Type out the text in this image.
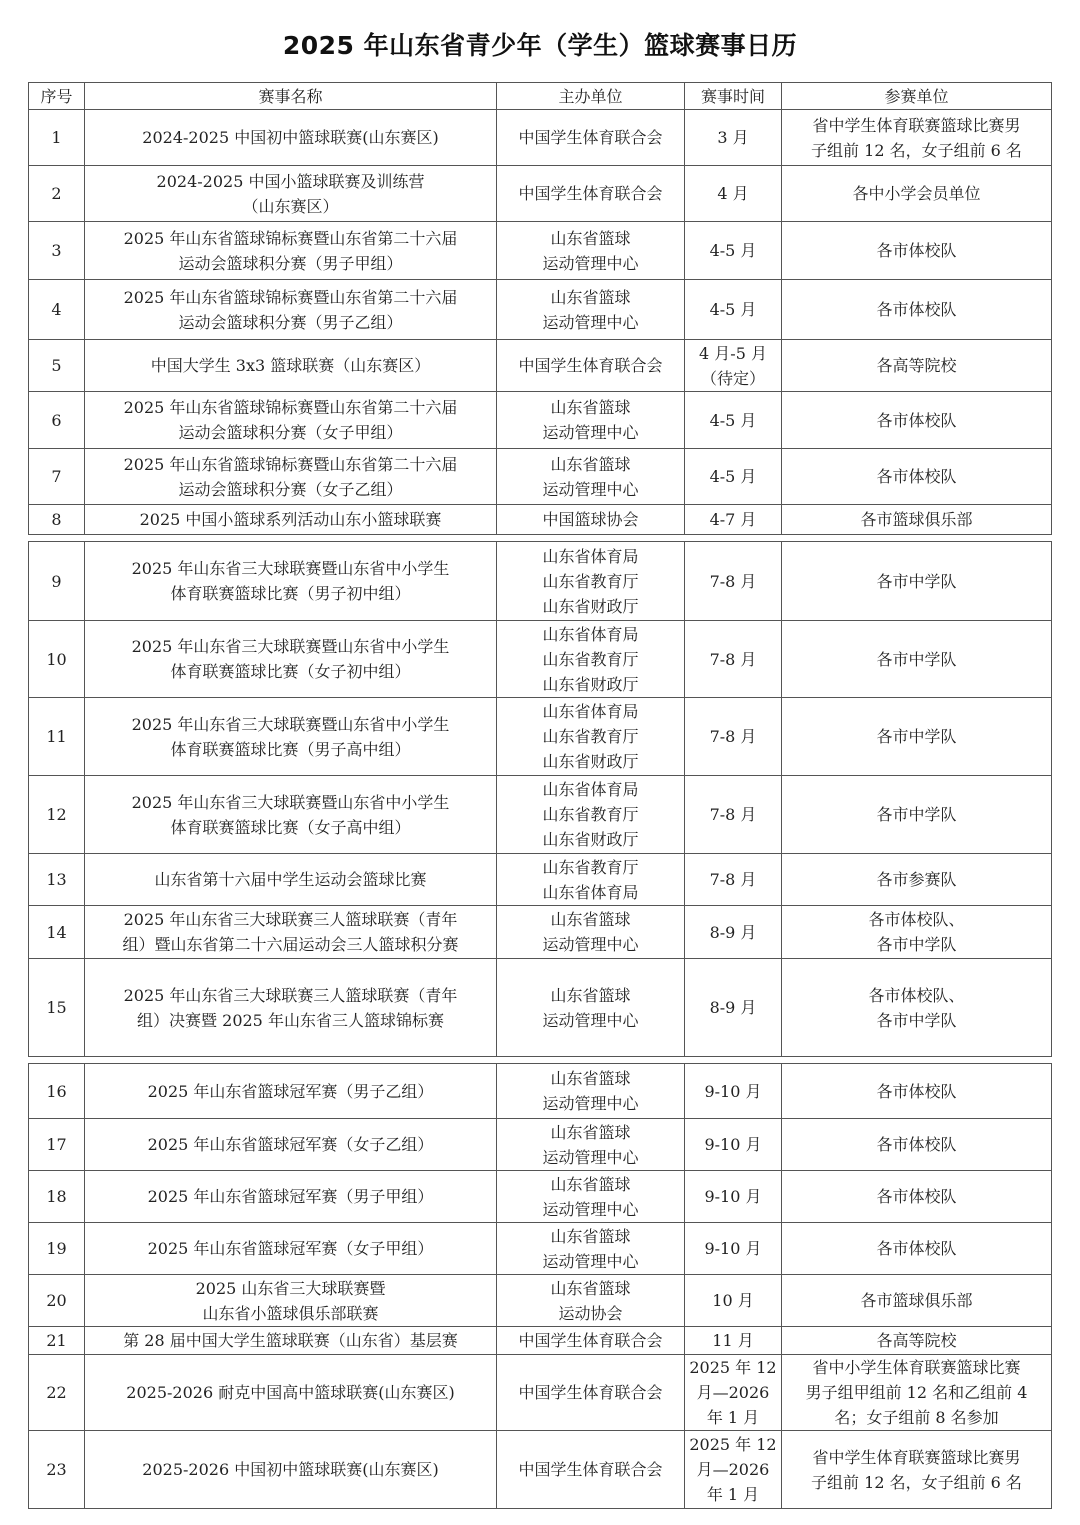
2025 年山东省青少年（学生）篮球赛事日历
序号	赛事名称	主办单位	赛事时间	参赛单位
1	2024-2025 中国初中篮球联赛(山东赛区)	中国学生体育联合会	3 月	省中学生体育联赛篮球比赛男
子组前 12 名，女子组前 6 名
2	2024-2025 中国小篮球联赛及训练营
（山东赛区）	中国学生体育联合会	4 月	各中小学会员单位
3	2025 年山东省篮球锦标赛暨山东省第二十六届
运动会篮球积分赛（男子甲组）	山东省篮球
运动管理中心	4-5 月	各市体校队
4	2025 年山东省篮球锦标赛暨山东省第二十六届
运动会篮球积分赛（男子乙组）	山东省篮球
运动管理中心	4-5 月	各市体校队
5	中国大学生 3x3 篮球联赛（山东赛区）	中国学生体育联合会	4 月-5 月
（待定）	各高等院校
6	2025 年山东省篮球锦标赛暨山东省第二十六届
运动会篮球积分赛（女子甲组）	山东省篮球
运动管理中心	4-5 月	各市体校队
7	2025 年山东省篮球锦标赛暨山东省第二十六届
运动会篮球积分赛（女子乙组）	山东省篮球
运动管理中心	4-5 月	各市体校队
8	2025 中国小篮球系列活动山东小篮球联赛	中国篮球协会	4-7 月	各市篮球俱乐部
9	2025 年山东省三大球联赛暨山东省中小学生
体育联赛篮球比赛（男子初中组）	山东省体育局
山东省教育厅
山东省财政厅	7-8 月	各市中学队
10	2025 年山东省三大球联赛暨山东省中小学生
体育联赛篮球比赛（女子初中组）	山东省体育局
山东省教育厅
山东省财政厅	7-8 月	各市中学队
11	2025 年山东省三大球联赛暨山东省中小学生
体育联赛篮球比赛（男子高中组）	山东省体育局
山东省教育厅
山东省财政厅	7-8 月	各市中学队
12	2025 年山东省三大球联赛暨山东省中小学生
体育联赛篮球比赛（女子高中组）	山东省体育局
山东省教育厅
山东省财政厅	7-8 月	各市中学队
13	山东省第十六届中学生运动会篮球比赛	山东省教育厅
山东省体育局	7-8 月	各市参赛队
14	2025 年山东省三大球联赛三人篮球联赛（青年
组）暨山东省第二十六届运动会三人篮球积分赛	山东省篮球
运动管理中心	8-9 月	各市体校队、
各市中学队
15	2025 年山东省三大球联赛三人篮球联赛（青年
组）决赛暨 2025 年山东省三人篮球锦标赛	山东省篮球
运动管理中心	8-9 月	各市体校队、
各市中学队
16	2025 年山东省篮球冠军赛（男子乙组）	山东省篮球
运动管理中心	9-10 月	各市体校队
17	2025 年山东省篮球冠军赛（女子乙组）	山东省篮球
运动管理中心	9-10 月	各市体校队
18	2025 年山东省篮球冠军赛（男子甲组）	山东省篮球
运动管理中心	9-10 月	各市体校队
19	2025 年山东省篮球冠军赛（女子甲组）	山东省篮球
运动管理中心	9-10 月	各市体校队
20	2025 山东省三大球联赛暨
山东省小篮球俱乐部联赛	山东省篮球
运动协会	10 月	各市篮球俱乐部
21	第 28 届中国大学生篮球联赛（山东省）基层赛	中国学生体育联合会	11 月	各高等院校
22	2025-2026 耐克中国高中篮球联赛(山东赛区)	中国学生体育联合会	2025 年 12
月—2026
年 1 月	省中小学生体育联赛篮球比赛
男子组甲组前 12 名和乙组前 4
名；女子组前 8 名参加
23	2025-2026 中国初中篮球联赛(山东赛区)	中国学生体育联合会	2025 年 12
月—2026
年 1 月	省中学生体育联赛篮球比赛男
子组前 12 名，女子组前 6 名
